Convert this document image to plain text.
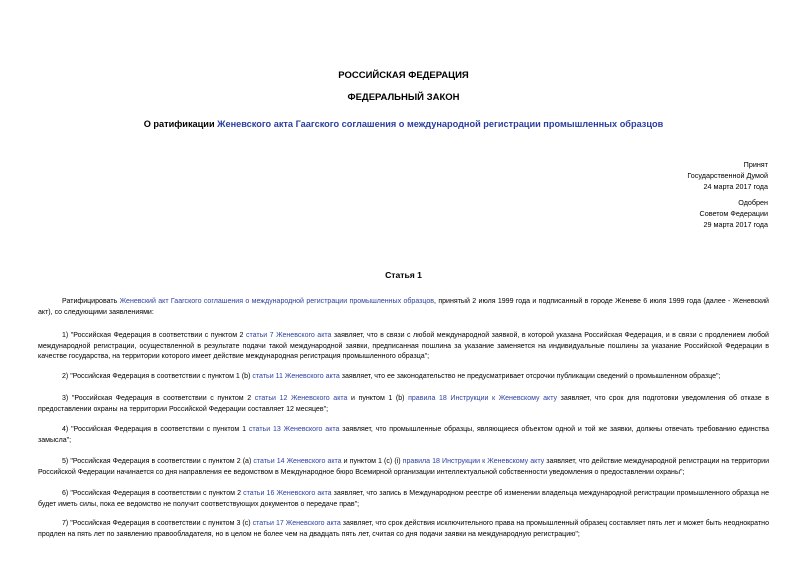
РОССИЙСКАЯ ФЕДЕРАЦИЯ
ФЕДЕРАЛЬНЫЙ ЗАКОН
О ратификации Женевского акта Гаагского соглашения о международной регистрации промышленных образцов
Принят
Государственной Думой
24 марта 2017 года
Одобрен
Советом Федерации
29 марта 2017 года
Статья 1
Ратифицировать Женевский акт Гаагского соглашения о международной регистрации промышленных образцов, принятый 2 июля 1999 года и подписанный в городе Женеве 6 июля 1999 года (далее - Женевский акт), со следующими заявлениями:
1) "Российская Федерация в соответствии с пунктом 2 статьи 7 Женевского акта заявляет, что в связи с любой международной заявкой, в которой указана Российская Федерация, и в связи с продлением любой международной регистрации, осуществленной в результате подачи такой международной заявки, предписанная пошлина за указание заменяется на индивидуальные пошлины за указание Российской Федерации в качестве государства, на территории которого имеет действие международная регистрация промышленного образца";
2) "Российская Федерация в соответствии с пунктом 1 (b) статьи 11 Женевского акта заявляет, что ее законодательство не предусматривает отсрочки публикации сведений о промышленном образце";
3) "Российская Федерация в соответствии с пунктом 2 статьи 12 Женевского акта и пунктом 1 (b) правила 18 Инструкции к Женевскому акту заявляет, что срок для подготовки уведомления об отказе в предоставлении охраны на территории Российской Федерации составляет 12 месяцев";
4) "Российская Федерация в соответствии с пунктом 1 статьи 13 Женевского акта заявляет, что промышленные образцы, являющиеся объектом одной и той же заявки, должны отвечать требованию единства замысла";
5) "Российская Федерация в соответствии с пунктом 2 (a) статьи 14 Женевского акта и пунктом 1 (c) (i) правила 18 Инструкции к Женевскому акту заявляет, что действие международной регистрации на территории Российской Федерации начинается со дня направления ее ведомством в Международное бюро Всемирной организации интеллектуальной собственности уведомления о предоставлении охраны";
6) "Российская Федерация в соответствии с пунктом 2 статьи 16 Женевского акта заявляет, что запись в Международном реестре об изменении владельца международной регистрации промышленного образца не будет иметь силы, пока ее ведомство не получит соответствующих документов о передаче прав";
7) "Российская Федерация в соответствии с пунктом 3 (c) статьи 17 Женевского акта заявляет, что срок действия исключительного права на промышленный образец составляет пять лет и может быть неоднократно продлен на пять лет по заявлению правообладателя, но в целом не более чем на двадцать пять лет, считая со дня подачи заявки на международную регистрацию";
